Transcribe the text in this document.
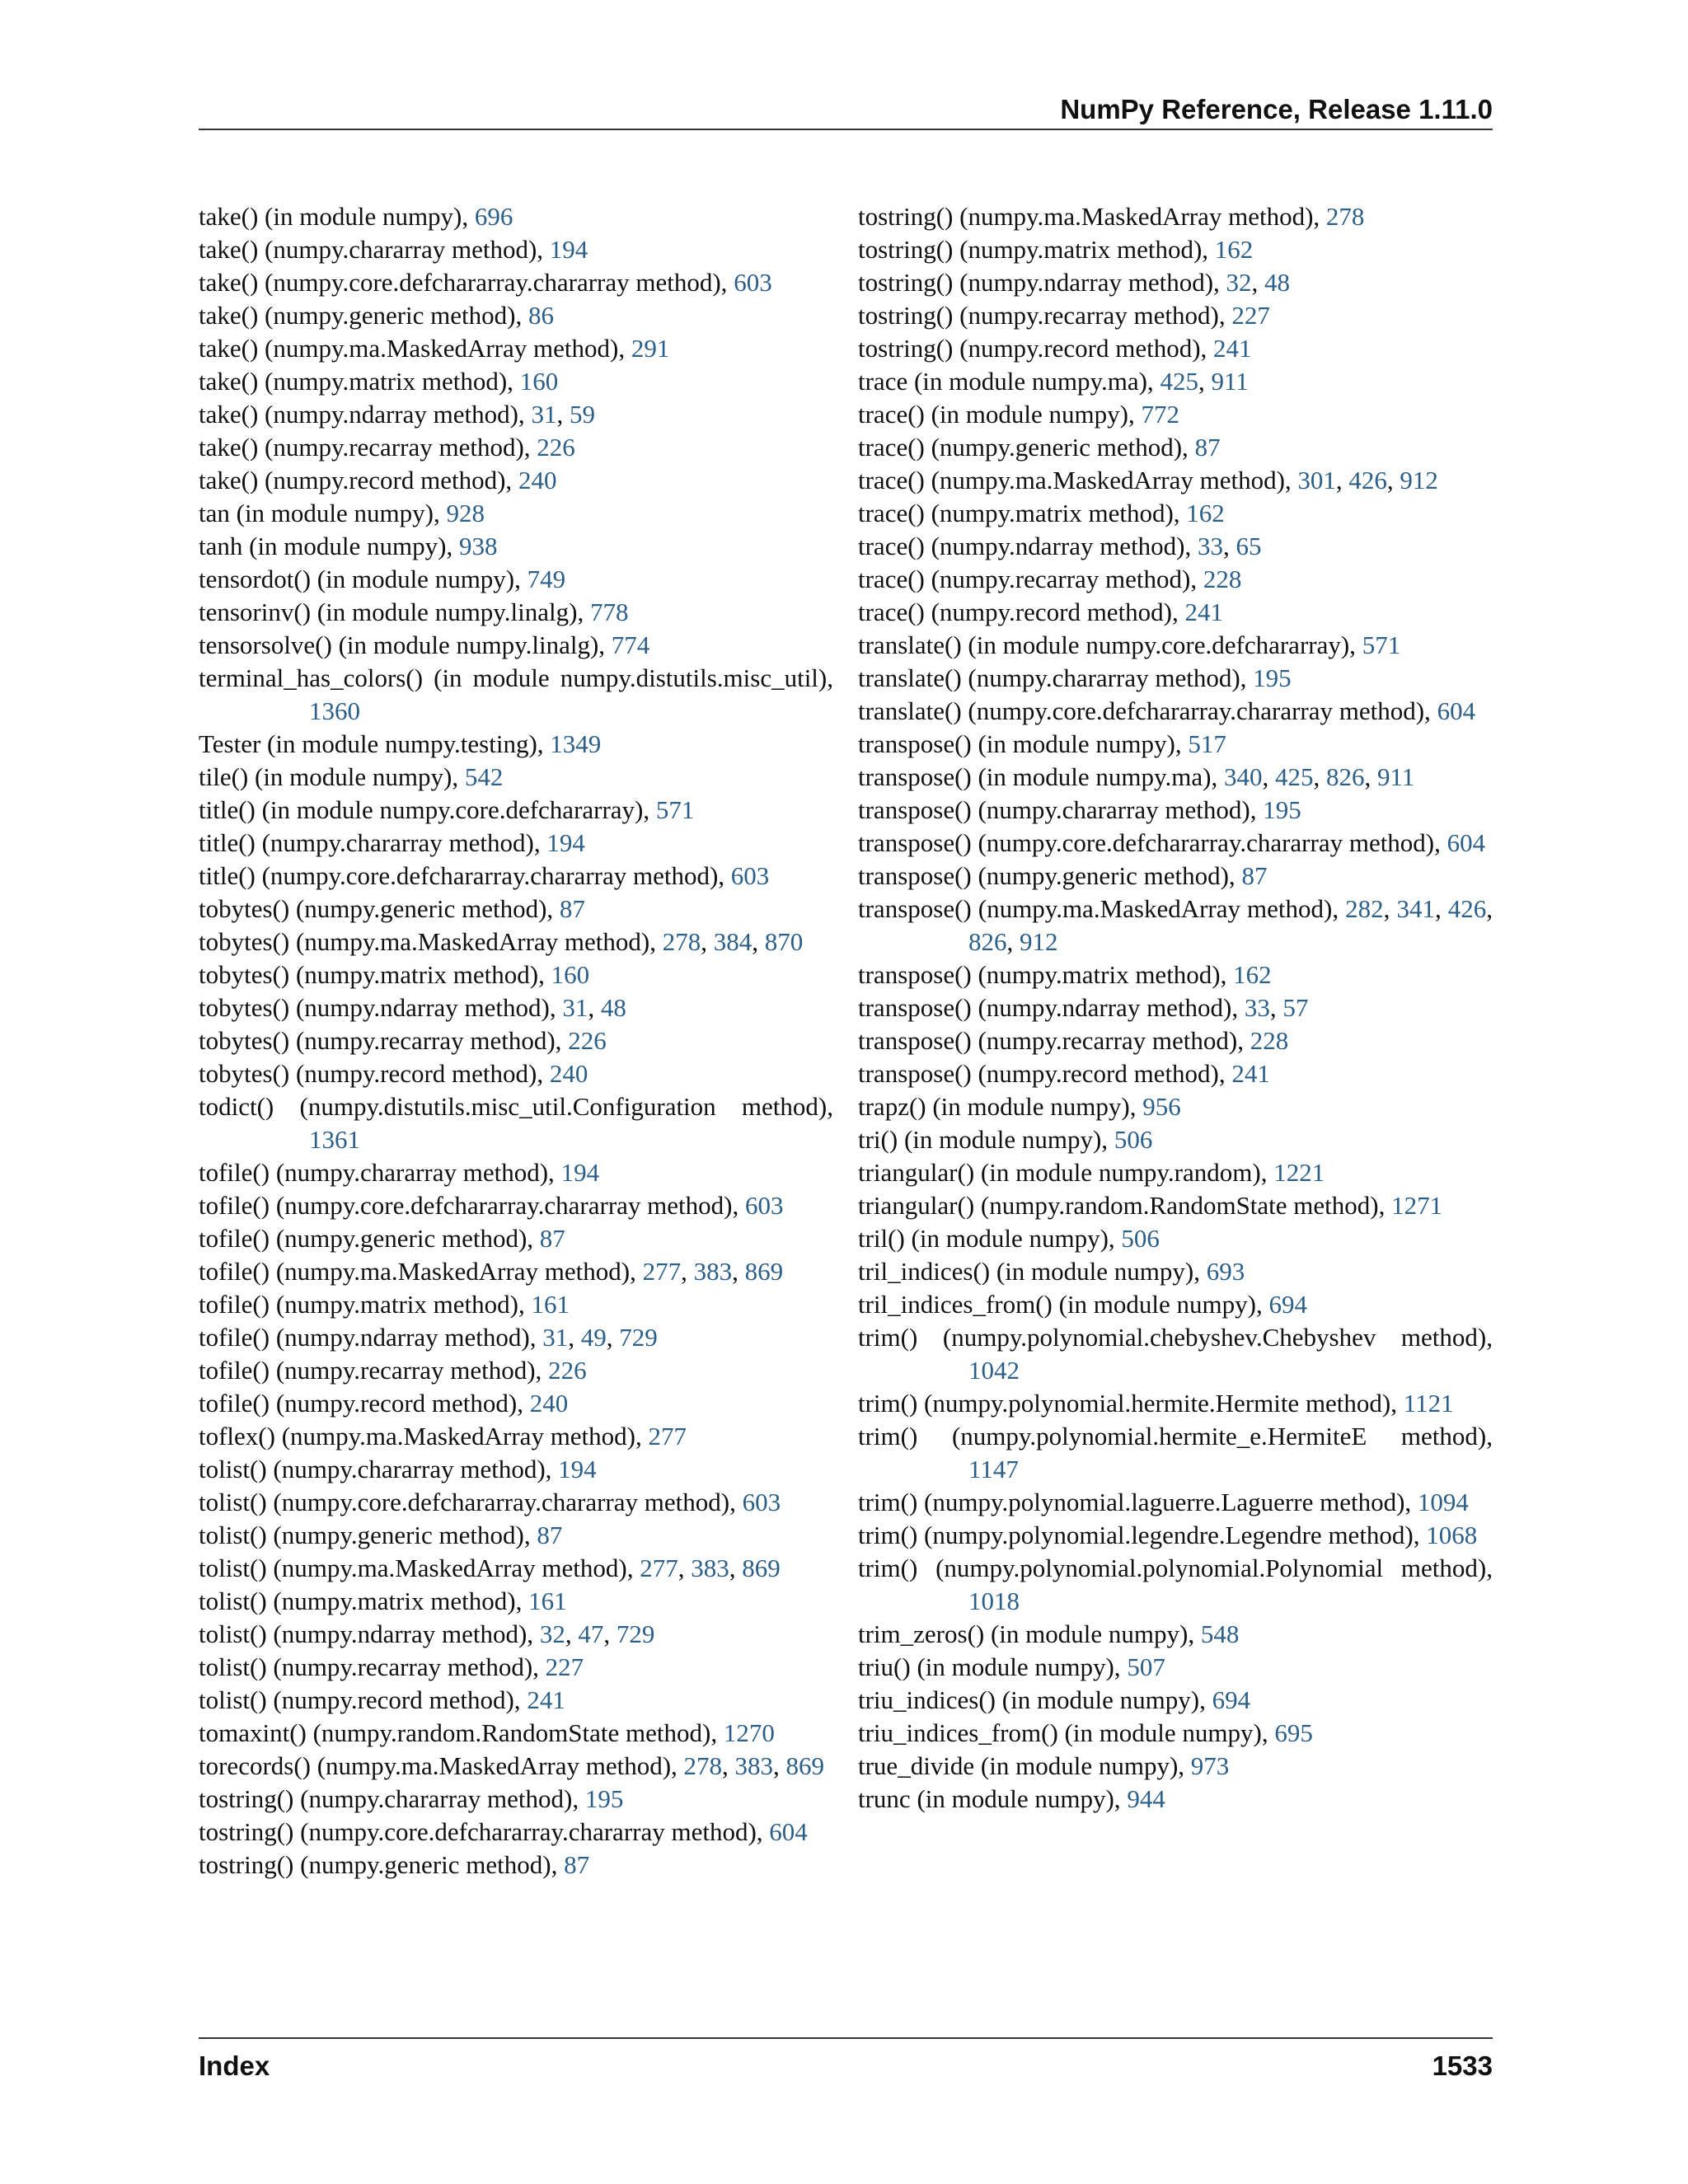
NumPy Reference, Release 1.11.0
take() (in module numpy), 696
take() (numpy.chararray method), 194
take() (numpy.core.defchararray.chararray method), 603
take() (numpy.generic method), 86
take() (numpy.ma.MaskedArray method), 291
take() (numpy.matrix method), 160
take() (numpy.ndarray method), 31, 59
take() (numpy.recarray method), 226
take() (numpy.record method), 240
tan (in module numpy), 928
tanh (in module numpy), 938
tensordot() (in module numpy), 749
tensorinv() (in module numpy.linalg), 778
tensorsolve() (in module numpy.linalg), 774
terminal_has_colors() (in module numpy.distutils.misc_util), 1360
Tester (in module numpy.testing), 1349
tile() (in module numpy), 542
title() (in module numpy.core.defchararray), 571
title() (numpy.chararray method), 194
title() (numpy.core.defchararray.chararray method), 603
tobytes() (numpy.generic method), 87
tobytes() (numpy.ma.MaskedArray method), 278, 384, 870
tobytes() (numpy.matrix method), 160
tobytes() (numpy.ndarray method), 31, 48
tobytes() (numpy.recarray method), 226
tobytes() (numpy.record method), 240
todict() (numpy.distutils.misc_util.Configuration method), 1361
tofile() (numpy.chararray method), 194
tofile() (numpy.core.defchararray.chararray method), 603
tofile() (numpy.generic method), 87
tofile() (numpy.ma.MaskedArray method), 277, 383, 869
tofile() (numpy.matrix method), 161
tofile() (numpy.ndarray method), 31, 49, 729
tofile() (numpy.recarray method), 226
tofile() (numpy.record method), 240
toflex() (numpy.ma.MaskedArray method), 277
tolist() (numpy.chararray method), 194
tolist() (numpy.core.defchararray.chararray method), 603
tolist() (numpy.generic method), 87
tolist() (numpy.ma.MaskedArray method), 277, 383, 869
tolist() (numpy.matrix method), 161
tolist() (numpy.ndarray method), 32, 47, 729
tolist() (numpy.recarray method), 227
tolist() (numpy.record method), 241
tomaxint() (numpy.random.RandomState method), 1270
torecords() (numpy.ma.MaskedArray method), 278, 383, 869
tostring() (numpy.chararray method), 195
tostring() (numpy.core.defchararray.chararray method), 604
tostring() (numpy.generic method), 87
tostring() (numpy.ma.MaskedArray method), 278
tostring() (numpy.matrix method), 162
tostring() (numpy.ndarray method), 32, 48
tostring() (numpy.recarray method), 227
tostring() (numpy.record method), 241
trace (in module numpy.ma), 425, 911
trace() (in module numpy), 772
trace() (numpy.generic method), 87
trace() (numpy.ma.MaskedArray method), 301, 426, 912
trace() (numpy.matrix method), 162
trace() (numpy.ndarray method), 33, 65
trace() (numpy.recarray method), 228
trace() (numpy.record method), 241
translate() (in module numpy.core.defchararray), 571
translate() (numpy.chararray method), 195
translate() (numpy.core.defchararray.chararray method), 604
transpose() (in module numpy), 517
transpose() (in module numpy.ma), 340, 425, 826, 911
transpose() (numpy.chararray method), 195
transpose() (numpy.core.defchararray.chararray method), 604
transpose() (numpy.generic method), 87
transpose() (numpy.ma.MaskedArray method), 282, 341, 426, 826, 912
transpose() (numpy.matrix method), 162
transpose() (numpy.ndarray method), 33, 57
transpose() (numpy.recarray method), 228
transpose() (numpy.record method), 241
trapz() (in module numpy), 956
tri() (in module numpy), 506
triangular() (in module numpy.random), 1221
triangular() (numpy.random.RandomState method), 1271
tril() (in module numpy), 506
tril_indices() (in module numpy), 693
tril_indices_from() (in module numpy), 694
trim() (numpy.polynomial.chebyshev.Chebyshev method), 1042
trim() (numpy.polynomial.hermite.Hermite method), 1121
trim() (numpy.polynomial.hermite_e.HermiteE method), 1147
trim() (numpy.polynomial.laguerre.Laguerre method), 1094
trim() (numpy.polynomial.legendre.Legendre method), 1068
trim() (numpy.polynomial.polynomial.Polynomial method), 1018
trim_zeros() (in module numpy), 548
triu() (in module numpy), 507
triu_indices() (in module numpy), 694
triu_indices_from() (in module numpy), 695
true_divide (in module numpy), 973
trunc (in module numpy), 944
Index	1533
